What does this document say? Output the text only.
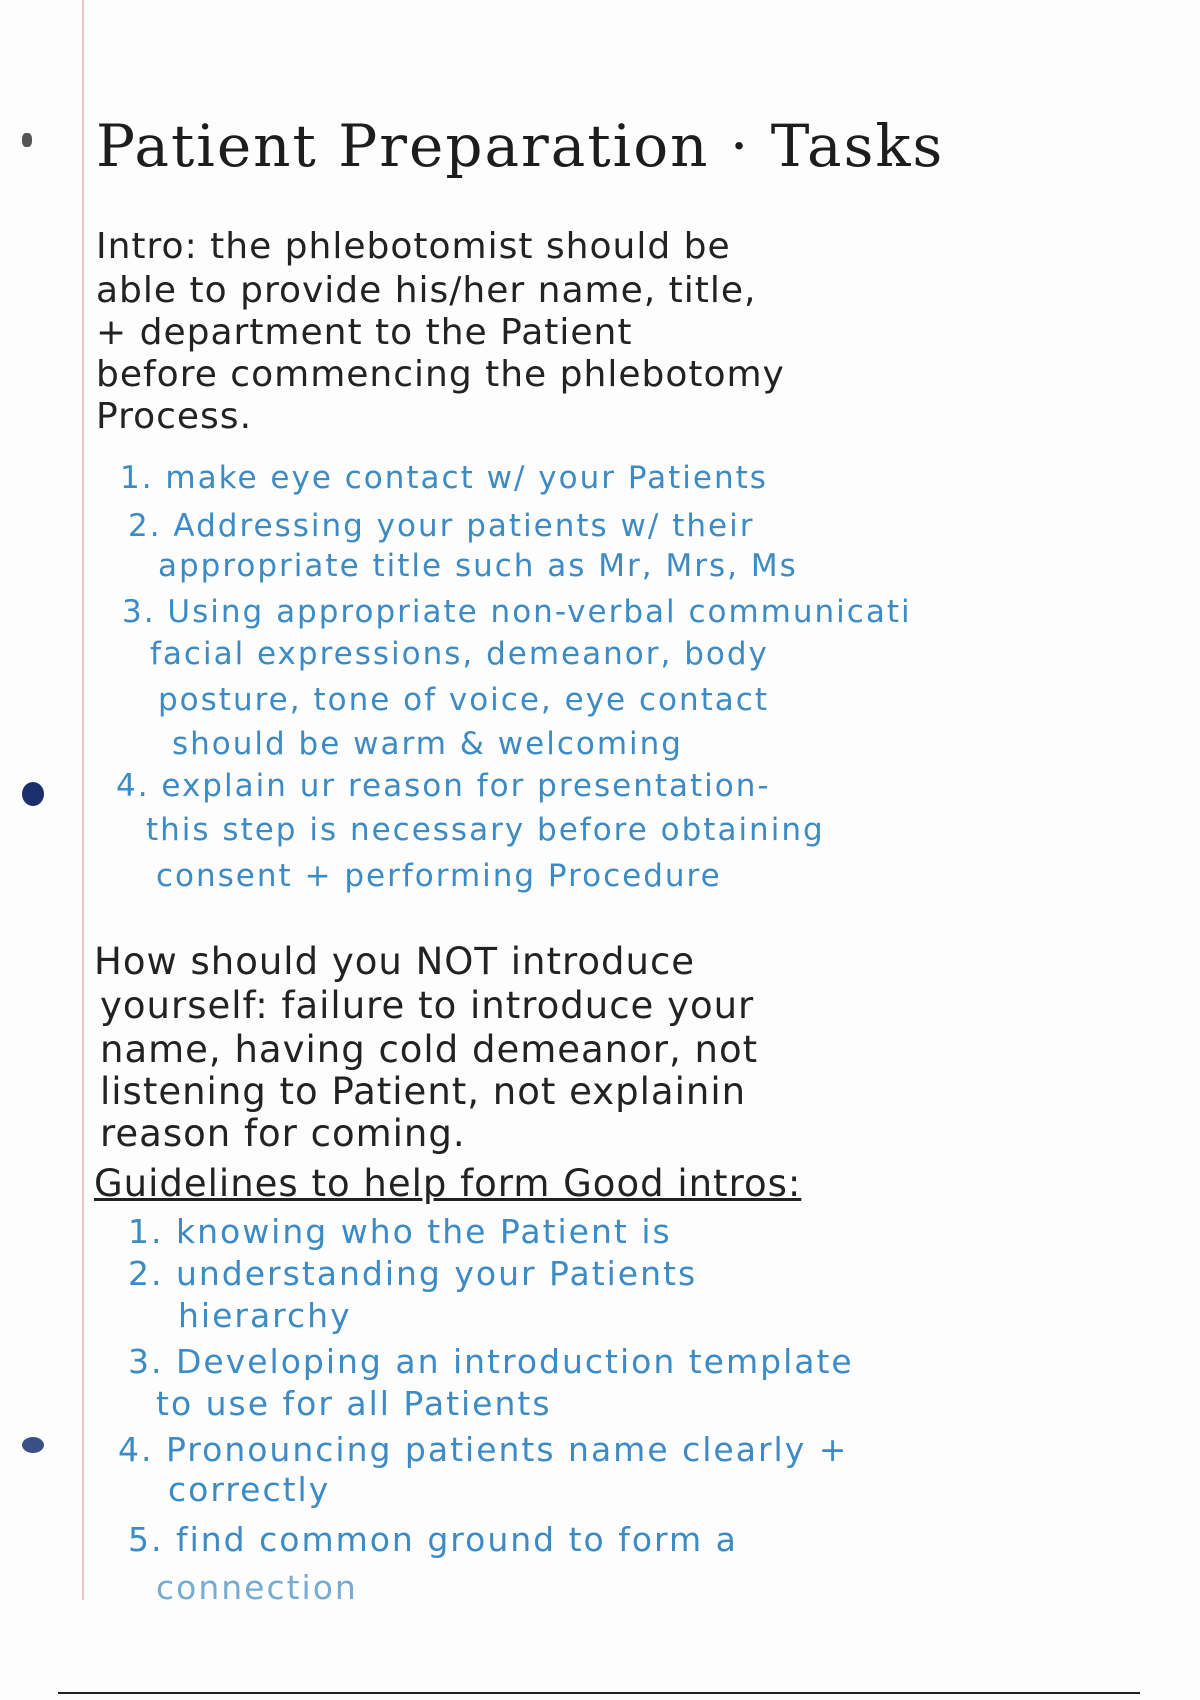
Patient Preparation · Tasks
Intro: the phlebotomist should be
able to provide his/her name, title,
+ department to the Patient
before commencing the phlebotomy
Process.
1. make eye contact w/ your Patients
2. Addressing your patients w/ their
appropriate title such as Mr, Mrs, Ms
3. Using appropriate non-verbal communicati
facial expressions, demeanor, body
posture, tone of voice, eye contact
should be warm & welcoming
4. explain ur reason for presentation-
this step is necessary before obtaining
consent + performing Procedure
How should you NOT introduce
yourself: failure to introduce your
name, having cold demeanor, not
listening to Patient, not explainin
reason for coming.
Guidelines to help form Good intros:
1. knowing who the Patient is
2. understanding your Patients
hierarchy
3. Developing an introduction template
to use for all Patients
4. Pronouncing patients name clearly +
correctly
5. find common ground to form a
connection
